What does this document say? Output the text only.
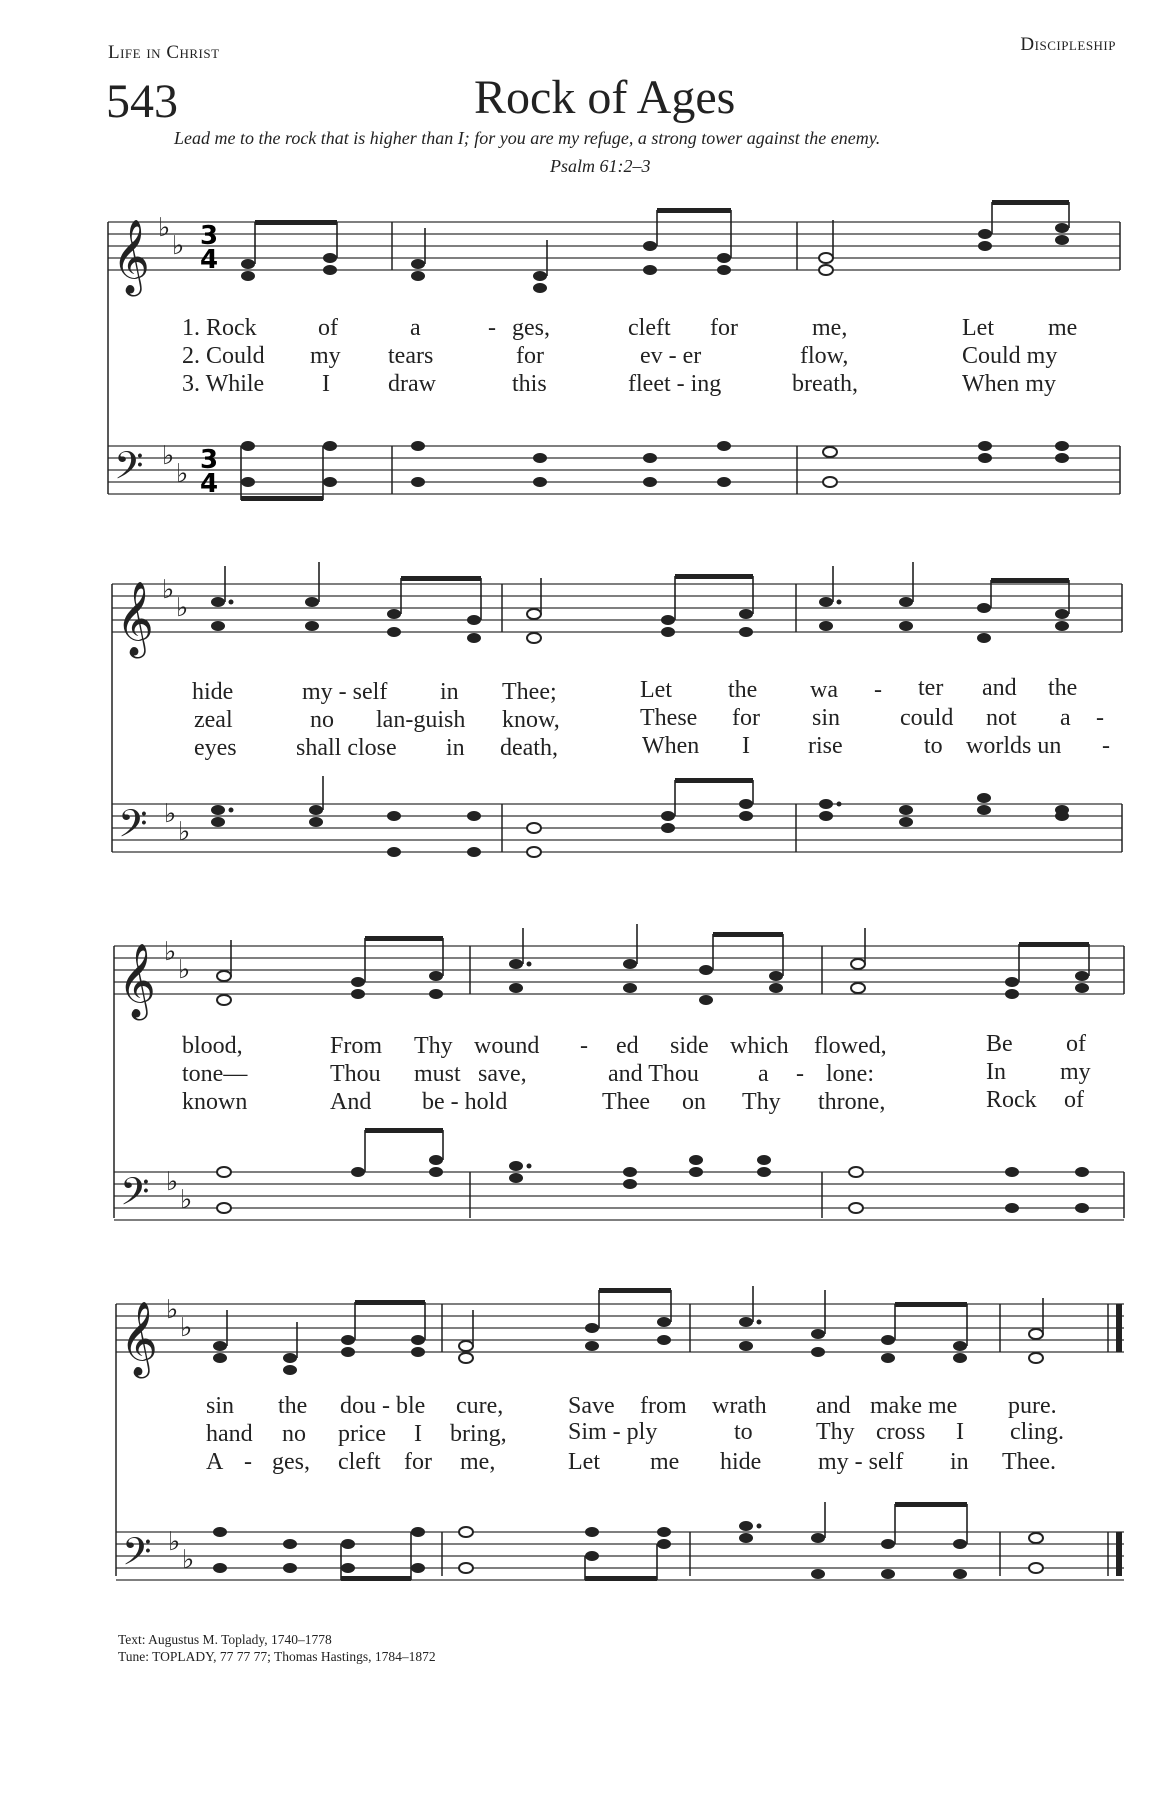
Life in Christ	Discipleship
543	Rock of Ages
Lead me to the rock that is higher than I; for you are my refuge, a strong tower against the enemy.
Psalm 61:2–3
𝄞
𝄢
♭
♭
♭
♭
3
4
3
4
1. Rock	of	a	- ges,	cleft for	me,	Let me
2. Could my tears	for	ev - er	flow,	Could my
3. While I draw	this	fleet - ing	breath,	When my
𝄞
𝄢
♭
♭
♭
♭
hide	my - self in Thee;	Let the wa - ter and the
zeal	no lan-guish know,	These for sin could not a -
eyes shall close in death,	When I rise	to worlds un -
𝄞
𝄢
♭
♭
♭
♭
blood,	From Thy wound - ed side which flowed,	Be of
tone—	Thou must save,	and Thou a - lone:	In my
known	And be - hold	Thee on Thy throne,	Rock of
𝄞
𝄢
♭
♭
♭
♭
sin the dou - ble cure,	Save from wrath and make me pure.
hand no price I bring,	Sim - ply	to	Thy cross I cling.
A - ges, cleft for me,	Let me hide my - self in Thee.
Text: Augustus M. Toplady, 1740–1778
Tune: TOPLADY, 77 77 77; Thomas Hastings, 1784–1872
